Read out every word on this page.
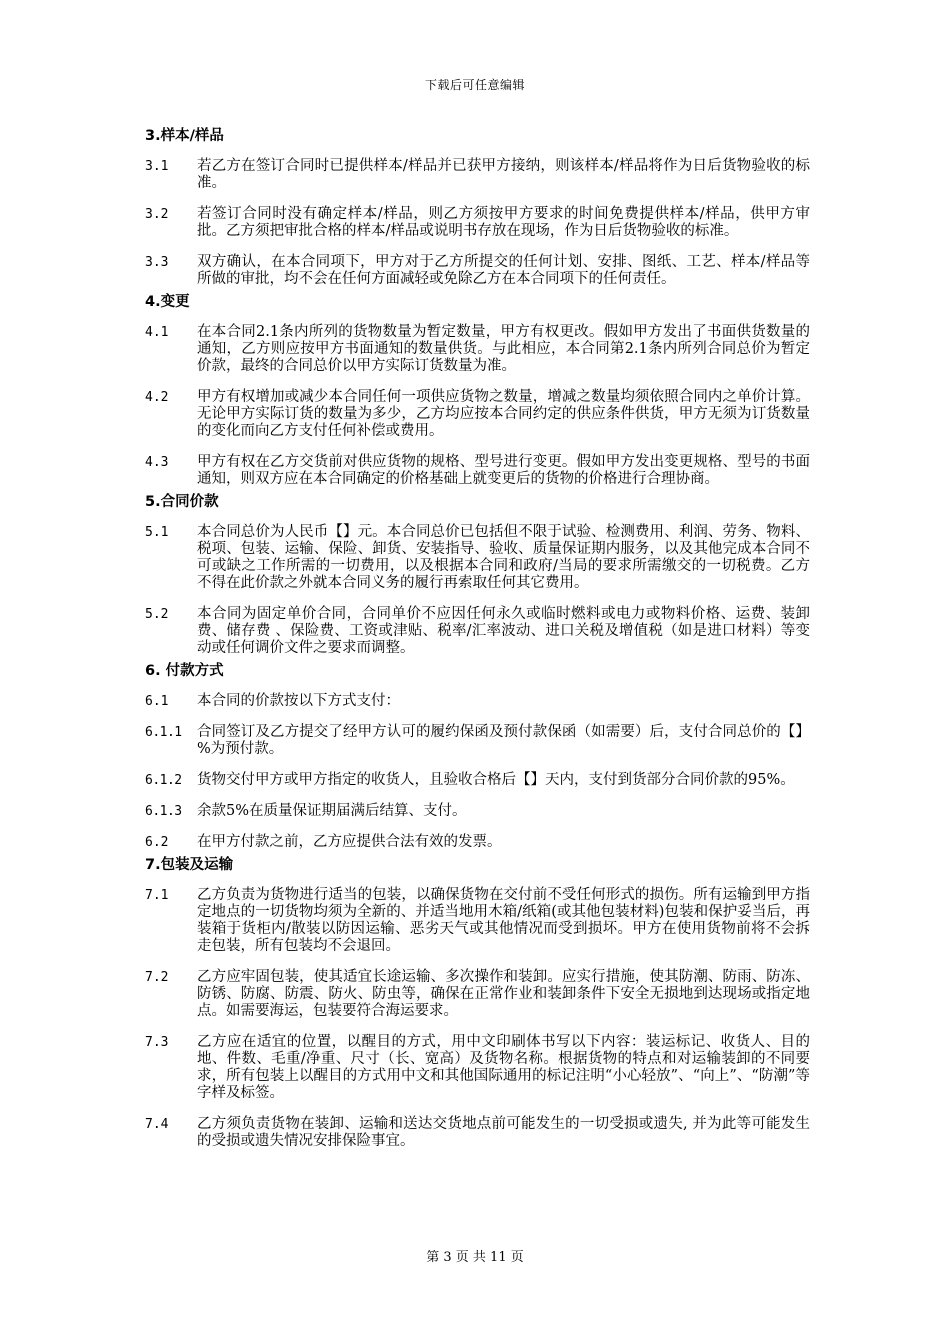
下载后可任意编辑
3.样本/样品
3.1	若乙方在签订合同时已提供样本/样品并已获甲方接纳，则该样本/样品将作为日后货物验收的标准。
3.2	若签订合同时没有确定样本/样品，则乙方须按甲方要求的时间免费提供样本/样品，供甲方审批。乙方须把审批合格的样本/样品或说明书存放在现场，作为日后货物验收的标准。
3.3	双方确认，在本合同项下，甲方对于乙方所提交的任何计划、安排、图纸、工艺、样本/样品等所做的审批，均不会在任何方面减轻或免除乙方在本合同项下的任何责任。
4.变更
4.1	在本合同2.1条内所列的货物数量为暂定数量，甲方有权更改。假如甲方发出了书面供货数量的通知，乙方则应按甲方书面通知的数量供货。与此相应，本合同第2.1条内所列合同总价为暂定价款，最终的合同总价以甲方实际订货数量为准。
4.2	甲方有权增加或减少本合同任何一项供应货物之数量，增减之数量均须依照合同内之单价计算。无论甲方实际订货的数量为多少，乙方均应按本合同约定的供应条件供货，甲方无须为订货数量的变化而向乙方支付任何补偿或费用。
4.3	甲方有权在乙方交货前对供应货物的规格、型号进行变更。假如甲方发出变更规格、型号的书面通知，则双方应在本合同确定的价格基础上就变更后的货物的价格进行合理协商。
5.合同价款
5.1	本合同总价为人民币【】元。本合同总价已包括但不限于试验、检测费用、利润、劳务、物料、税项、包装、运输、保险、卸货、安装指导、验收、质量保证期内服务，以及其他完成本合同不可或缺之工作所需的一切费用，以及根据本合同和政府/当局的要求所需缴交的一切税费。乙方不得在此价款之外就本合同义务的履行再索取任何其它费用。
5.2	本合同为固定单价合同，合同单价不应因任何永久或临时燃料或电力或物料价格、运费、装卸费、储存费 、保险费、工资或津贴、税率/汇率波动、进口关税及增值税（如是进口材料）等变动或任何调价文件之要求而调整。
6. 付款方式
6.1	本合同的价款按以下方式支付：
6.1.1	合同签订及乙方提交了经甲方认可的履约保函及预付款保函（如需要）后，支付合同总价的【】%为预付款。
6.1.2	货物交付甲方或甲方指定的收货人，且验收合格后【】天内，支付到货部分合同价款的95%。
6.1.3	余款5%在质量保证期届满后结算、支付。
6.2	在甲方付款之前，乙方应提供合法有效的发票。
7.包装及运输
7.1	乙方负责为货物进行适当的包装，以确保货物在交付前不受任何形式的损伤。所有运输到甲方指定地点的一切货物均须为全新的、并适当地用木箱/纸箱(或其他包装材料)包装和保护妥当后，再装箱于货柜内/散装以防因运输、恶劣天气或其他情况而受到损坏。甲方在使用货物前将不会拆走包装，所有包装均不会退回。
7.2	乙方应牢固包装，使其适宜长途运输、多次操作和装卸。应实行措施，使其防潮、防雨、防冻、防锈、防腐、防震、防火、防虫等，确保在正常作业和装卸条件下安全无损地到达现场或指定地点。如需要海运，包装要符合海运要求。
7.3	乙方应在适宜的位置，以醒目的方式，用中文印刷体书写以下内容：装运标记、收货人、目的地、件数、毛重/净重、尺寸（长、宽高）及货物名称。根据货物的特点和对运输装卸的不同要求，所有包装上以醒目的方式用中文和其他国际通用的标记注明“小心轻放”、“向上”、“防潮”等字样及标签。
7.4	乙方须负责货物在装卸、运输和送达交货地点前可能发生的一切受损或遗失, 并为此等可能发生的受损或遗失情况安排保险事宜。
第 3 页 共 11 页
